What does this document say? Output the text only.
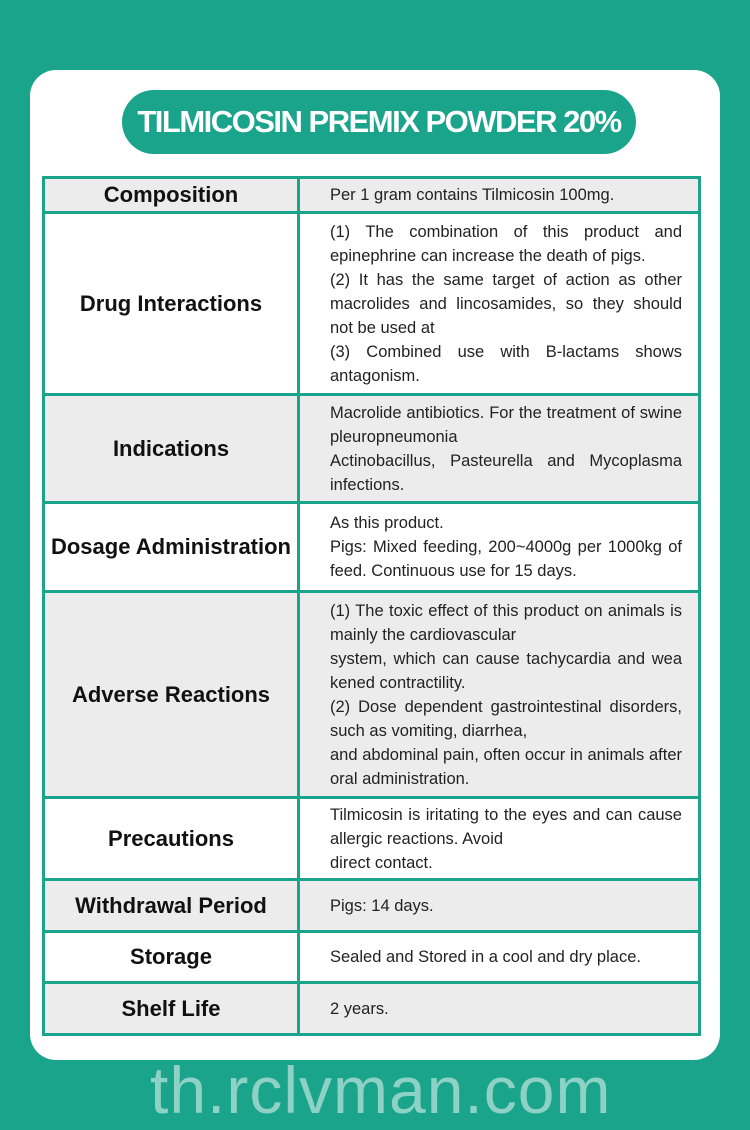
TILMICOSIN PREMIX POWDER 20%
Composition	Per 1 gram contains Tilmicosin 100mg.

Drug Interactions	(1) The combination of this product and epinephrine can increase the death of pigs.
(2) It has the same target of action as other macrolides and lincosamides, so they should not be used at
(3) Combined use with B-lactams shows antagonism.

Indications	Macrolide antibiotics. For the treatment of swine pleuropneumonia
Actinobacillus, Pasteurella and Mycoplasma infections.

Dosage Administration	As this product.
Pigs: Mixed feeding, 200~4000g per 1000kg of feed. Continuous use for 15 days.

Adverse Reactions	(1) The toxic effect of this product on animals is mainly the cardiovascular
system, which can cause tachycardia and wea kened contractility.
(2) Dose dependent gastrointestinal disorders, such as vomiting, diarrhea,
and abdominal pain, often occur in animals after oral administration.

Precautions	Tilmicosin is iritating to the eyes and can cause allergic reactions. Avoid
direct contact.

Withdrawal Period	Pigs: 14 days.

Storage	Sealed and Stored in a cool and dry place.

Shelf Life	2 years.
th.rclvman.com
